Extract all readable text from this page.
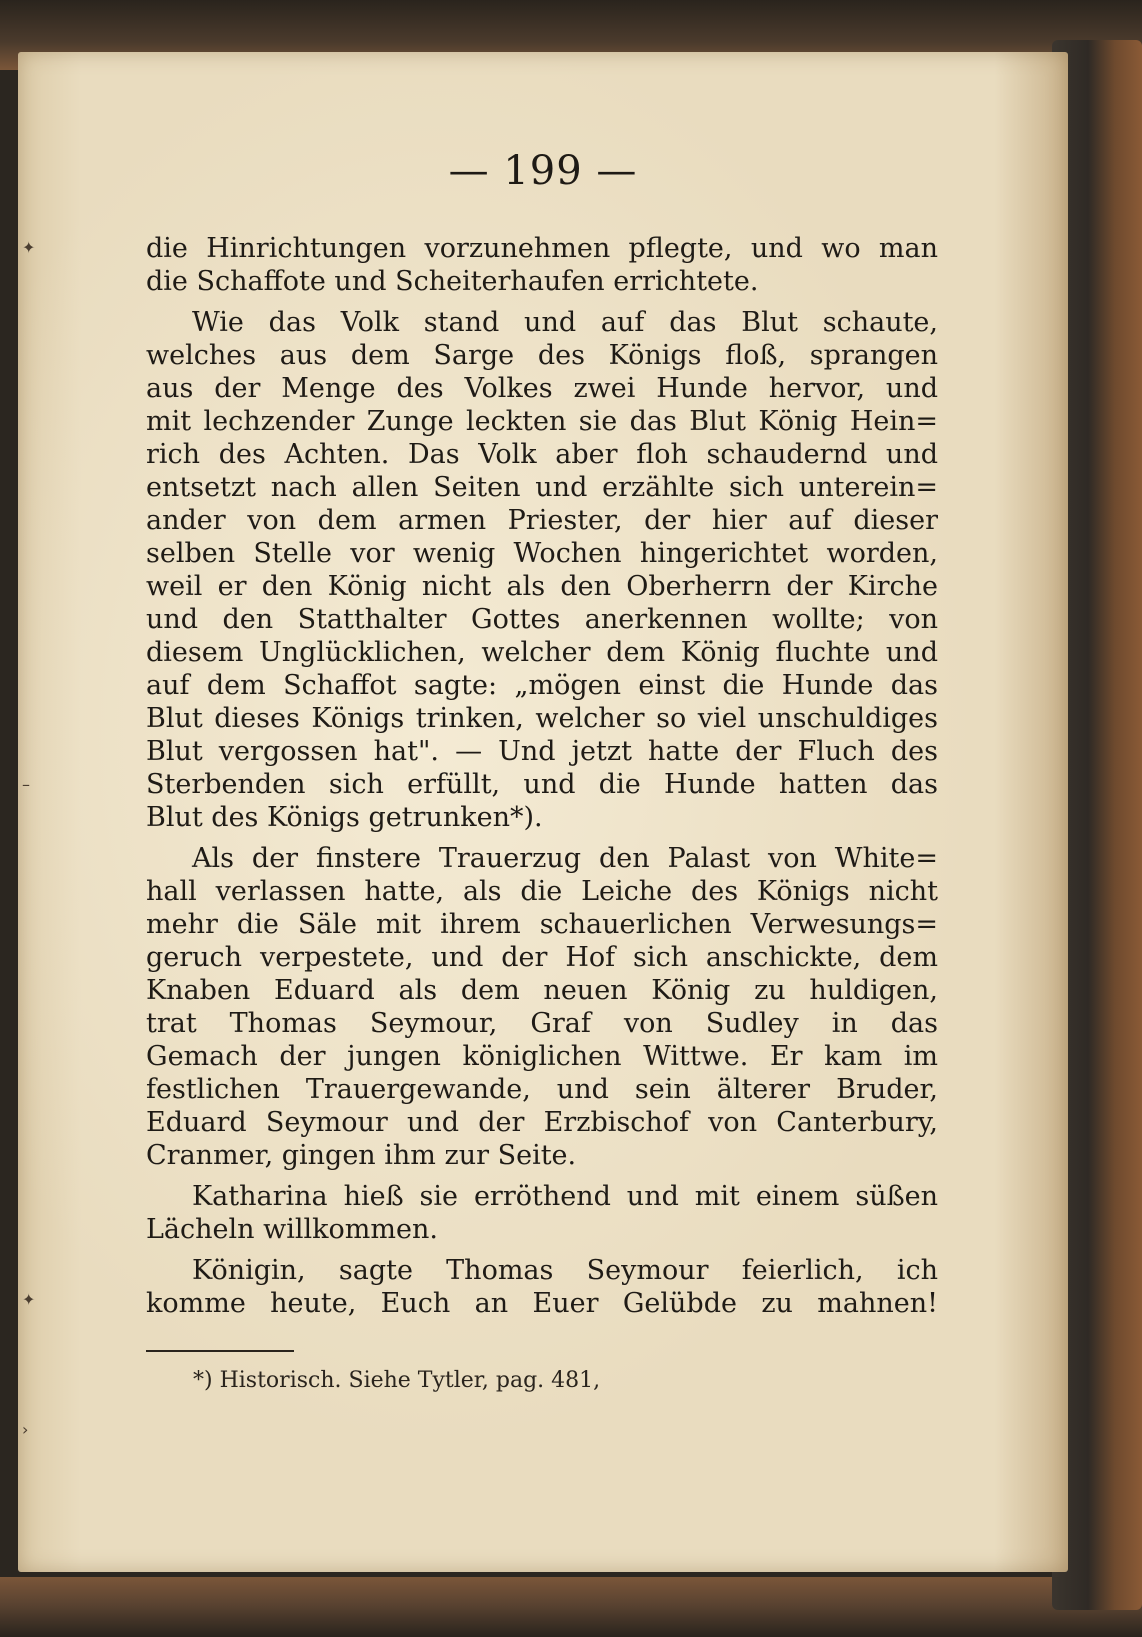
— 199 —
die Hinrichtungen vorzunehmen pflegte, und wo man
die Schaffote und Scheiterhaufen errichtete.
Wie das Volk stand und auf das Blut schaute,
welches aus dem Sarge des Königs floß, sprangen
aus der Menge des Volkes zwei Hunde hervor, und
mit lechzender Zunge leckten sie das Blut König Hein=
rich des Achten. Das Volk aber floh schaudernd und
entsetzt nach allen Seiten und erzählte sich unterein=
ander von dem armen Priester, der hier auf dieser
selben Stelle vor wenig Wochen hingerichtet worden,
weil er den König nicht als den Oberherrn der Kirche
und den Statthalter Gottes anerkennen wollte; von
diesem Unglücklichen, welcher dem König fluchte und
auf dem Schaffot sagte: „mögen einst die Hunde das
Blut dieses Königs trinken, welcher so viel unschuldiges
Blut vergossen hat". — Und jetzt hatte der Fluch des
Sterbenden sich erfüllt, und die Hunde hatten das
Blut des Königs getrunken*).
Als der finstere Trauerzug den Palast von White=
hall verlassen hatte, als die Leiche des Königs nicht
mehr die Säle mit ihrem schauerlichen Verwesungs=
geruch verpestete, und der Hof sich anschickte, dem
Knaben Eduard als dem neuen König zu huldigen,
trat Thomas Seymour, Graf von Sudley in das
Gemach der jungen königlichen Wittwe. Er kam im
festlichen Trauergewande, und sein älterer Bruder,
Eduard Seymour und der Erzbischof von Canterbury,
Cranmer, gingen ihm zur Seite.
Katharina hieß sie erröthend und mit einem süßen
Lächeln willkommen.
Königin, sagte Thomas Seymour feierlich, ich
komme heute, Euch an Euer Gelübde zu mahnen!
*) Historisch. Siehe Tytler, pag. 481,
✦
–
✦
›
